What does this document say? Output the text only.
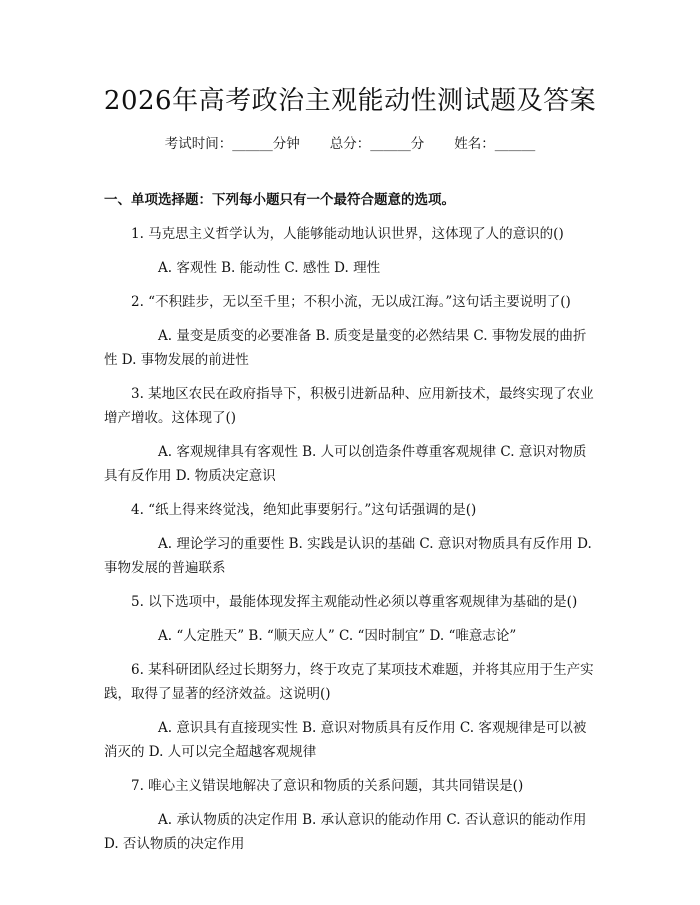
2026年高考政治主观能动性测试题及答案
考试时间：______分钟 总分：______分 姓名：______
一、单项选择题：下列每小题只有一个最符合题意的选项。
1. 马克思主义哲学认为，人能够能动地认识世界，这体现了人的意识的()
A. 客观性 B. 能动性 C. 感性 D. 理性
2. “不积跬步，无以至千里；不积小流，无以成江海。”这句话主要说明了()
A. 量变是质变的必要准备 B. 质变是量变的必然结果 C. 事物发展的曲折性 D. 事物发展的前进性
3. 某地区农民在政府指导下，积极引进新品种、应用新技术，最终实现了农业增产增收。这体现了()
A. 客观规律具有客观性 B. 人可以创造条件尊重客观规律 C. 意识对物质具有反作用 D. 物质决定意识
4. “纸上得来终觉浅，绝知此事要躬行。”这句话强调的是()
A. 理论学习的重要性 B. 实践是认识的基础 C. 意识对物质具有反作用 D. 事物发展的普遍联系
5. 以下选项中，最能体现发挥主观能动性必须以尊重客观规律为基础的是()
A. “人定胜天” B. “顺天应人” C. “因时制宜” D. “唯意志论”
6. 某科研团队经过长期努力，终于攻克了某项技术难题，并将其应用于生产实践，取得了显著的经济效益。这说明()
A. 意识具有直接现实性 B. 意识对物质具有反作用 C. 客观规律是可以被消灭的 D. 人可以完全超越客观规律
7. 唯心主义错误地解决了意识和物质的关系问题，其共同错误是()
A. 承认物质的决定作用 B. 承认意识的能动作用 C. 否认意识的能动作用 D. 否认物质的决定作用
